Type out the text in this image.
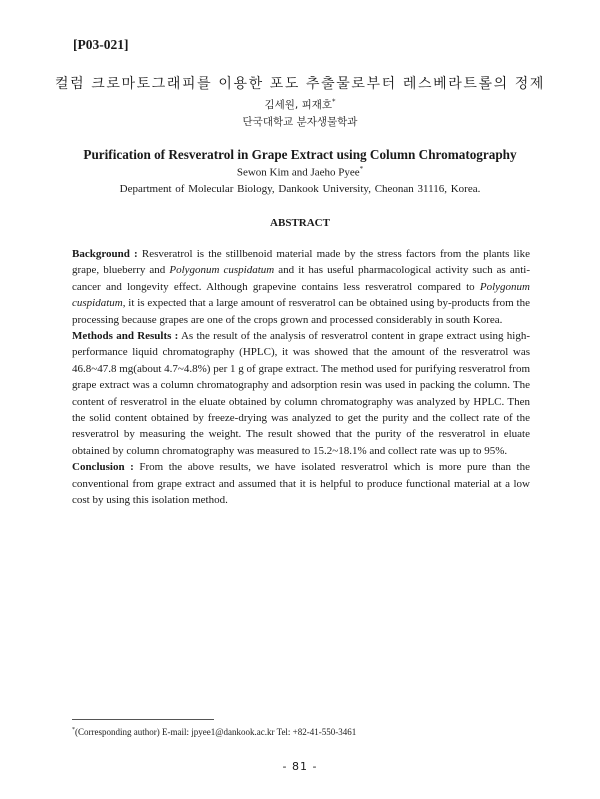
[P03-021]
컬럼 크로마토그래피를 이용한 포도 추출물로부터 레스베라트롤의 정제
김세원, 피재호*
단국대학교 분자생물학과
Purification of Resveratrol in Grape Extract using Column Chromatography
Sewon Kim and Jaeho Pyee*
Department of Molecular Biology, Dankook University, Cheonan 31116, Korea.
ABSTRACT

Background : Resveratrol is the stillbenoid material made by the stress factors from the plants like grape, blueberry and Polygonum cuspidatum and it has useful pharmacological activity such as anti-cancer and longevity effect. Although grapevine contains less resveratrol compared to Polygonum cuspidatum, it is expected that a large amount of resveratrol can be obtained using by-products from the processing because grapes are one of the crops grown and processed considerably in south Korea.

Methods and Results : As the result of the analysis of resveratrol content in grape extract using high-performance liquid chromatography (HPLC), it was showed that the amount of the resveratrol was 46.8~47.8 mg(about 4.7~4.8%) per 1 g of grape extract. The method used for purifying resveratrol from grape extract was a column chromatography and adsorption resin was used in packing the column. The content of resveratrol in the eluate obtained by column chromatography was analyzed by HPLC. Then the solid content obtained by freeze-drying was analyzed to get the purity and the collect rate of the resveratrol by measuring the weight. The result showed that the purity of the resveratrol in eluate obtained by column chromatography was measured to 15.2~18.1% and collect rate was up to 95%.

Conclusion : From the above results, we have isolated resveratrol which is more pure than the conventional from grape extract and assumed that it is helpful to produce functional material at a low cost by using this isolation method.

*(Corresponding author) E-mail: jpyee1@dankook.ac.kr Tel: +82-41-550-3461
- 81 -
